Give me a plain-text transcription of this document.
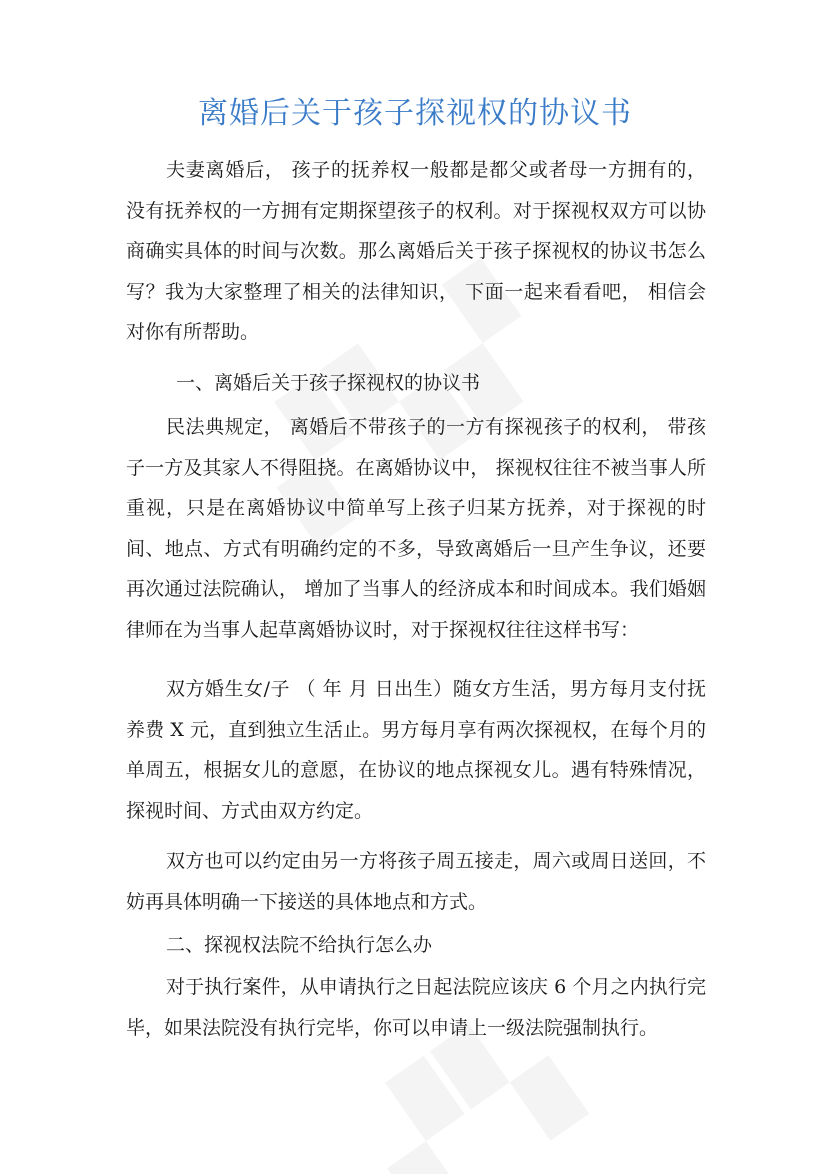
离婚后关于孩子探视权的协议书

夫妻离婚后， 孩子的抚养权一般都是都父或者母一方拥有的， 没有抚养权的一方拥有定期探望孩子的权利。对于探视权双方可以协商确实具体的时间与次数。那么离婚后关于孩子探视权的协议书怎么写？我为大家整理了相关的法律知识， 下面一起来看看吧， 相信会对你有所帮助。

一、离婚后关于孩子探视权的协议书

民法典规定， 离婚后不带孩子的一方有探视孩子的权利， 带孩子一方及其家人不得阻挠。在离婚协议中， 探视权往往不被当事人所重视，只是在离婚协议中简单写上孩子归某方抚养，对于探视的时间、地点、方式有明确约定的不多，导致离婚后一旦产生争议，还要再次通过法院确认， 增加了当事人的经济成本和时间成本。我们婚姻律师在为当事人起草离婚协议时，对于探视权往往这样书写：

双方婚生女/子 （ 年 月 日出生）随女方生活，男方每月支付抚养费 X 元，直到独立生活止。男方每月享有两次探视权，在每个月的单周五，根据女儿的意愿，在协议的地点探视女儿。遇有特殊情况，探视时间、方式由双方约定。

双方也可以约定由另一方将孩子周五接走，周六或周日送回，不妨再具体明确一下接送的具体地点和方式。

二、探视权法院不给执行怎么办

对于执行案件，从申请执行之日起法院应该庆 6 个月之内执行完毕，如果法院没有执行完毕，你可以申请上一级法院强制执行。
